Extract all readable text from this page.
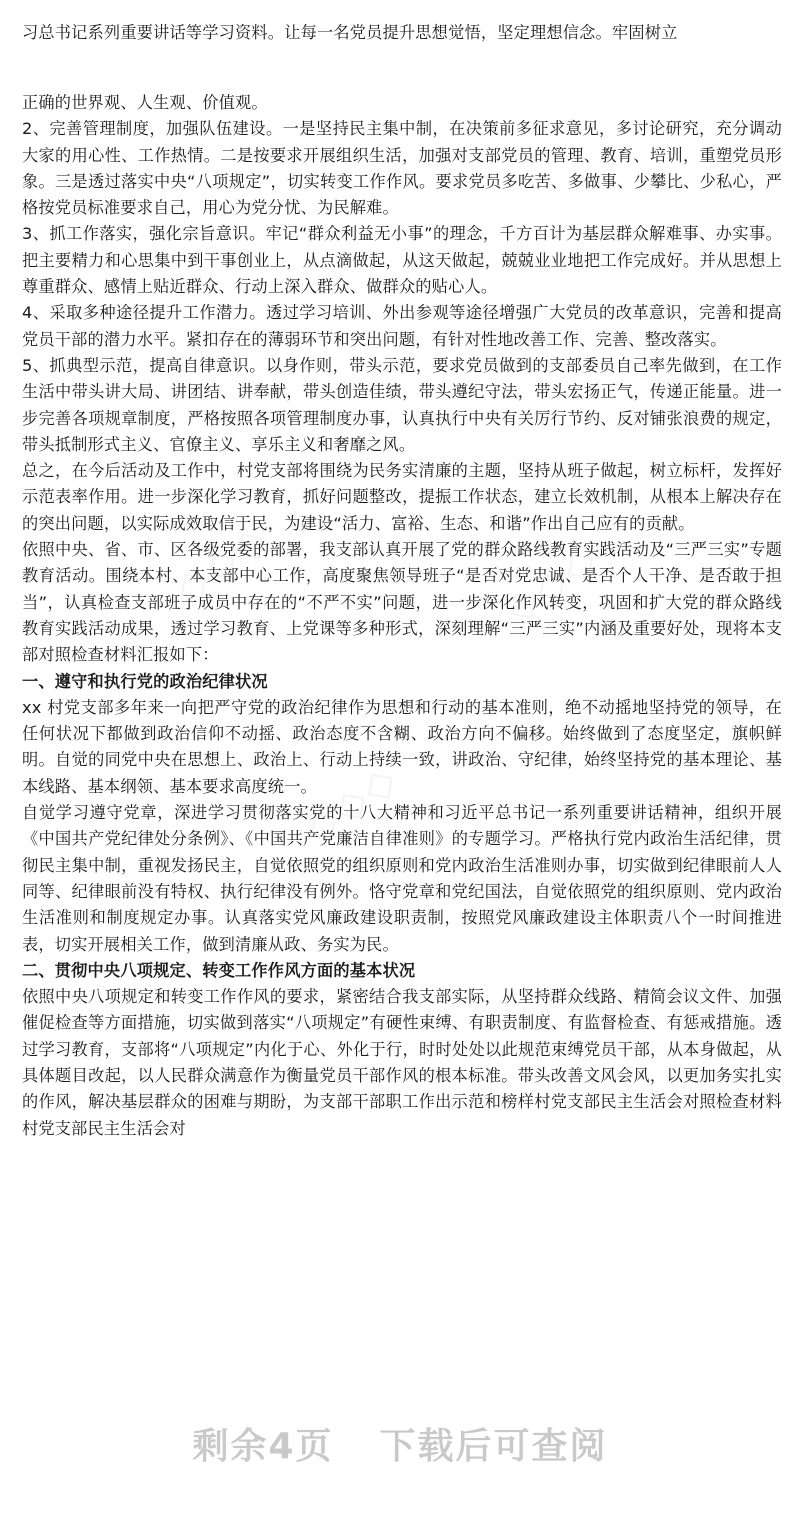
习总书记系列重要讲话等学习资料。让每一名党员提升思想觉悟，坚定理想信念。牢固树立

正确的世界观、人生观、价值观。

2、完善管理制度，加强队伍建设。一是坚持民主集中制，在决策前多征求意见，多讨论研究，充分调动大家的用心性、工作热情。二是按要求开展组织生活，加强对支部党员的管理、教育、培训，重塑党员形象。三是透过落实中央“八项规定”，切实转变工作作风。要求党员多吃苦、多做事、少攀比、少私心，严格按党员标准要求自己，用心为党分忧、为民解难。

3、抓工作落实，强化宗旨意识。牢记“群众利益无小事”的理念，千方百计为基层群众解难事、办实事。把主要精力和心思集中到干事创业上，从点滴做起，从这天做起，兢兢业业地把工作完成好。并从思想上尊重群众、感情上贴近群众、行动上深入群众、做群众的贴心人。

4、采取多种途径提升工作潜力。透过学习培训、外出参观等途径增强广大党员的改革意识，完善和提高党员干部的潜力水平。紧扣存在的薄弱环节和突出问题，有针对性地改善工作、完善、整改落实。

5、抓典型示范，提高自律意识。以身作则，带头示范，要求党员做到的支部委员自己率先做到，在工作生活中带头讲大局、讲团结、讲奉献，带头创造佳绩，带头遵纪守法，带头宏扬正气，传递正能量。进一步完善各项规章制度，严格按照各项管理制度办事，认真执行中央有关厉行节约、反对铺张浪费的规定，带头抵制形式主义、官僚主义、享乐主义和奢靡之风。

总之，在今后活动及工作中，村党支部将围绕为民务实清廉的主题，坚持从班子做起，树立标杆，发挥好示范表率作用。进一步深化学习教育，抓好问题整改，提振工作状态，建立长效机制，从根本上解决存在的突出问题，以实际成效取信于民，为建设“活力、富裕、生态、和谐”作出自己应有的贡献。

依照中央、省、市、区各级党委的部署，我支部认真开展了党的群众路线教育实践活动及“三严三实”专题教育活动。围绕本村、本支部中心工作，高度聚焦领导班子“是否对党忠诚、是否个人干净、是否敢于担当”，认真检查支部班子成员中存在的“不严不实”问题，进一步深化作风转变，巩固和扩大党的群众路线教育实践活动成果，透过学习教育、上党课等多种形式，深刻理解“三严三实”内涵及重要好处，现将本支部对照检查材料汇报如下：

一、遵守和执行党的政治纪律状况

xx 村党支部多年来一向把严守党的政治纪律作为思想和行动的基本准则，绝不动摇地坚持党的领导，在任何状况下都做到政治信仰不动摇、政治态度不含糊、政治方向不偏移。始终做到了态度坚定，旗帜鲜明。自觉的同党中央在思想上、政治上、行动上持续一致，讲政治、守纪律，始终坚持党的基本理论、基本线路、基本纲领、基本要求高度统一。

自觉学习遵守党章，深进学习贯彻落实党的十八大精神和习近平总书记一系列重要讲话精神，组织开展《中国共产党纪律处分条例》、《中国共产党廉洁自律准则》的专题学习。严格执行党内政治生活纪律，贯彻民主集中制，重视发扬民主，自觉依照党的组织原则和党内政治生活准则办事，切实做到纪律眼前人人同等、纪律眼前没有特权、执行纪律没有例外。恪守党章和党纪国法，自觉依照党的组织原则、党内政治生活准则和制度规定办事。认真落实党风廉政建设职责制，按照党风廉政建设主体职责八个一时间推进表，切实开展相关工作，做到清廉从政、务实为民。

二、贯彻中央八项规定、转变工作作风方面的基本状况

依照中央八项规定和转变工作作风的要求，紧密结合我支部实际，从坚持群众线路、精简会议文件、加强催促检查等方面措施，切实做到落实“八项规定”有硬性束缚、有职责制度、有监督检查、有惩戒措施。透过学习教育，支部将“八项规定”内化于心、外化于行，时时处处以此规范束缚党员干部，从本身做起，从具体题目改起，以人民群众满意作为衡量党员干部作风的根本标准。带头改善文风会风，以更加务实扎实的作风，解决基层群众的困难与期盼，为支部干部职工作出示范和榜样村党支部民主生活会对照检查材料村党支部民主生活会对

剩余4页 下载后可查阅
